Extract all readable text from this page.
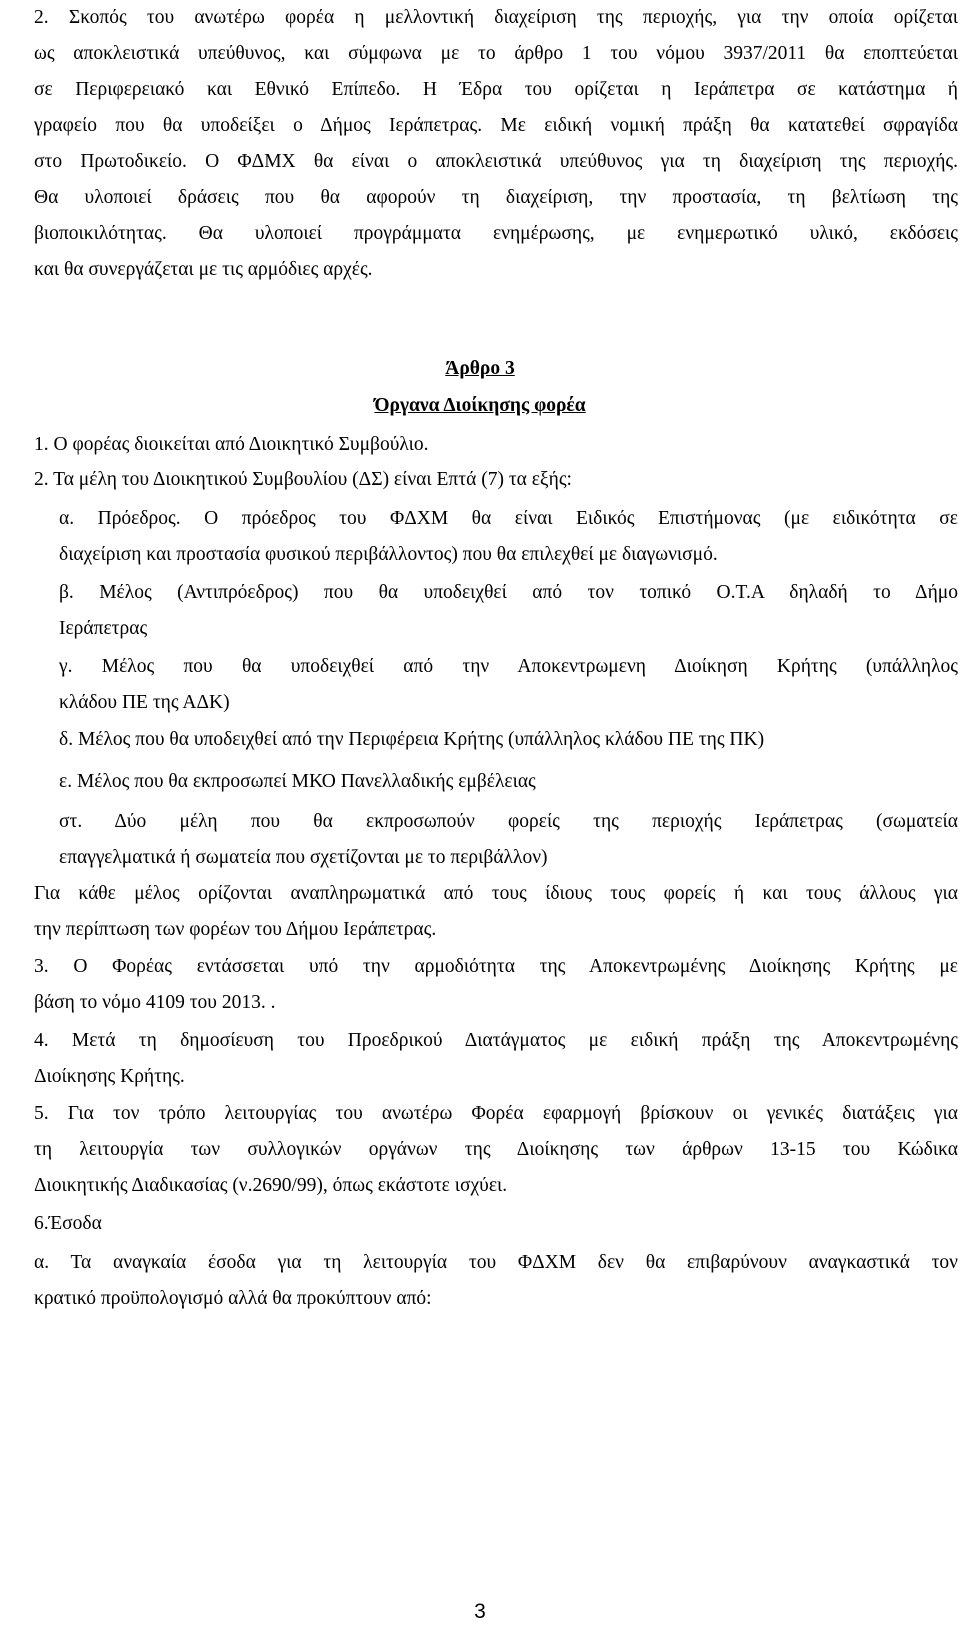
2. Σκοπός του ανωτέρω φορέα η μελλοντική διαχείριση της περιοχής, για την οποία ορίζεται
ως αποκλειστικά υπεύθυνος, και σύμφωνα με το άρθρο 1 του νόμου 3937/2011 θα εποπτεύεται
σε Περιφερειακό και Εθνικό Επίπεδο. Η Έδρα του ορίζεται η Ιεράπετρα σε κατάστημα ή
γραφείο που θα υποδείξει ο Δήμος Ιεράπετρας. Με ειδική νομική πράξη θα κατατεθεί σφραγίδα
στο Πρωτοδικείο. Ο ΦΔΜΧ θα είναι ο αποκλειστικά υπεύθυνος για τη διαχείριση της περιοχής.
Θα υλοποιεί δράσεις που θα αφορούν τη διαχείριση, την προστασία, τη βελτίωση της
βιοποικιλότητας. Θα υλοποιεί προγράμματα ενημέρωσης, με ενημερωτικό υλικό, εκδόσεις
και θα συνεργάζεται με τις αρμόδιες αρχές.
Άρθρο 3
Όργανα Διοίκησης φορέα
1. Ο φορέας διοικείται από Διοικητικό Συμβούλιο.
2. Τα μέλη του Διοικητικού Συμβουλίου (ΔΣ) είναι Επτά (7) τα εξής:
α. Πρόεδρος. Ο πρόεδρος του ΦΔΧΜ θα είναι Ειδικός Επιστήμονας (με ειδικότητα σε
διαχείριση και προστασία φυσικού περιβάλλοντος) που θα επιλεχθεί με διαγωνισμό.
β. Μέλος (Αντιπρόεδρος) που θα υποδειχθεί από τον τοπικό Ο.Τ.Α δηλαδή το Δήμο
Ιεράπετρας
γ. Μέλος που θα υποδειχθεί από την Αποκεντρωμενη Διοίκηση Κρήτης (υπάλληλος
κλάδου ΠΕ της ΑΔΚ)
δ. Μέλος που θα υποδειχθεί από την Περιφέρεια Κρήτης (υπάλληλος κλάδου ΠΕ της ΠΚ)
ε. Μέλος που θα εκπροσωπεί ΜΚΟ Πανελλαδικής εμβέλειας
στ. Δύο μέλη που θα εκπροσωπούν φορείς της περιοχής Ιεράπετρας (σωματεία
επαγγελματικά ή σωματεία που σχετίζονται με το περιβάλλον)
Για κάθε μέλος ορίζονται αναπληρωματικά από τους ίδιους τους φορείς ή και τους άλλους για
την περίπτωση των φορέων του Δήμου Ιεράπετρας.
3. Ο Φορέας εντάσσεται υπό την αρμοδιότητα της Αποκεντρωμένης Διοίκησης Κρήτης με
βάση το νόμο 4109 του 2013. .
4. Μετά τη δημοσίευση του Προεδρικού Διατάγματος με ειδική πράξη της Αποκεντρωμένης
Διοίκησης Κρήτης.
5. Για τον τρόπο λειτουργίας του ανωτέρω Φορέα εφαρμογή βρίσκουν οι γενικές διατάξεις για
τη λειτουργία των συλλογικών οργάνων της Διοίκησης των άρθρων 13-15 του Κώδικα
Διοικητικής Διαδικασίας (ν.2690/99), όπως εκάστοτε ισχύει.
6.Έσοδα
α. Τα αναγκαία έσοδα για τη λειτουργία του ΦΔΧΜ δεν θα επιβαρύνουν αναγκαστικά τον
κρατικό προϋπολογισμό αλλά θα προκύπτουν από:
3
